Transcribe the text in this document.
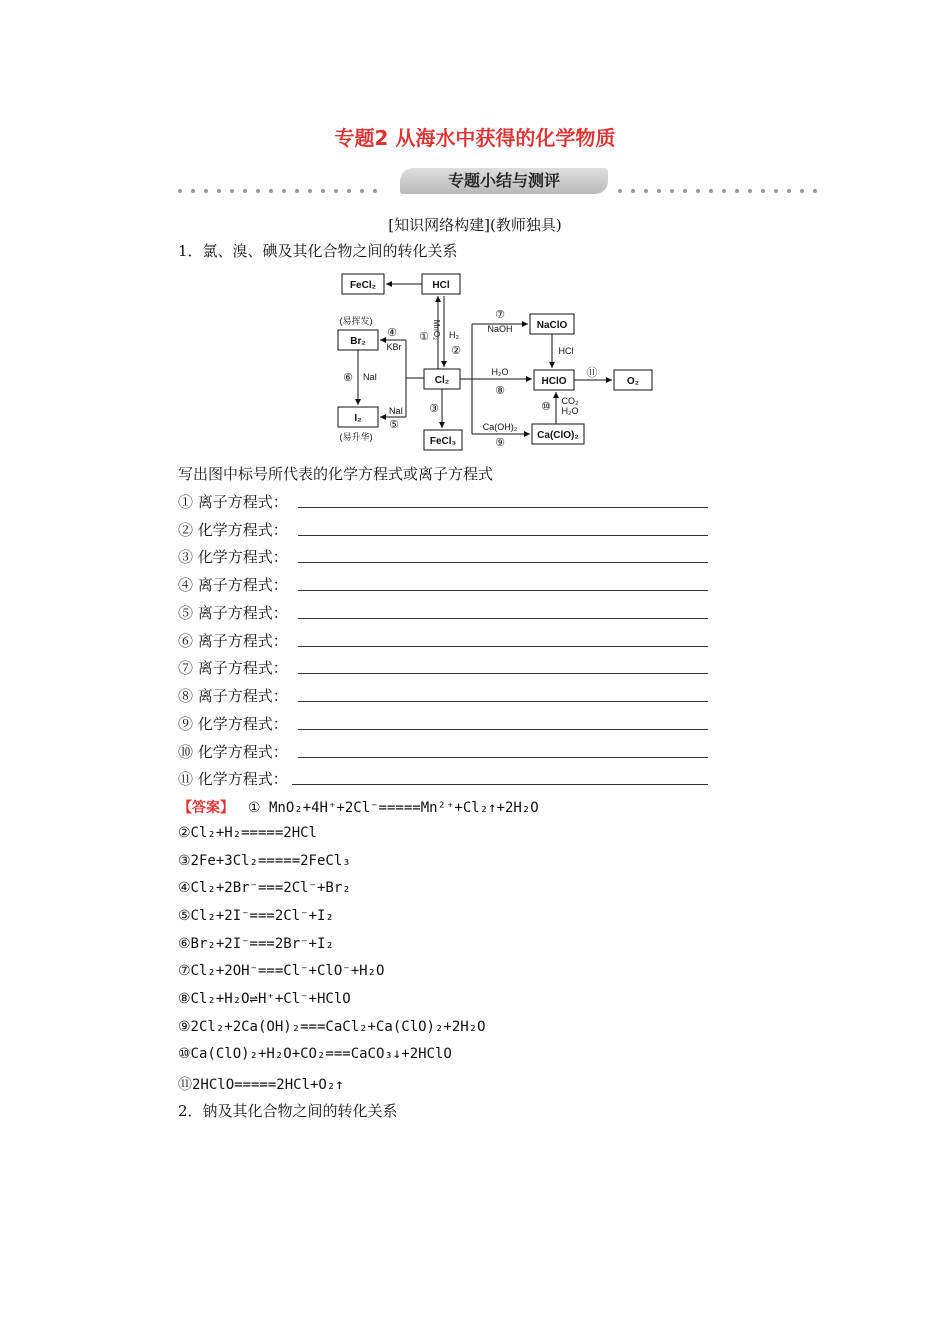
专题2 从海水中获得的化学物质
专题小结与测评
[知识网络构建](教师独具)
1．氯、溴、碘及其化合物之间的转化关系
FeCl₂	HCl
Br₂
Cl₂
I₂
FeCl₃
NaClO
HClO	O₂
Ca(ClO)₂
(易挥发)
(易升华)
①
②
③
④
⑤
⑥
⑦
⑧
⑨
⑩
⑪
MnO₂ H₂
KBr
NaI
NaI
NaOH
HCl
H₂O
Ca(OH)₂
CO₂
H₂O
写出图中标号所代表的化学方程式或离子方程式
① 离子方程式：
② 化学方程式：
③ 化学方程式：
④ 离子方程式：
⑤ 离子方程式：
⑥ 离子方程式：
⑦ 离子方程式：
⑧ 离子方程式：
⑨ 化学方程式：
⑩ 化学方程式：
⑪ 化学方程式：
【答案】 ① MnO₂+4H⁺+2Cl⁻=====Mn²⁺+Cl₂↑+2H₂O
②Cl₂+H₂=====2HCl
③2Fe+3Cl₂=====2FeCl₃
④Cl₂+2Br⁻===2Cl⁻+Br₂
⑤Cl₂+2I⁻===2Cl⁻+I₂
⑥Br₂+2I⁻===2Br⁻+I₂
⑦Cl₂+2OH⁻===Cl⁻+ClO⁻+H₂O
⑧Cl₂+H₂O⇌H⁺+Cl⁻+HClO
⑨2Cl₂+2Ca(OH)₂===CaCl₂+Ca(ClO)₂+2H₂O
⑩Ca(ClO)₂+H₂O+CO₂===CaCO₃↓+2HClO
⑪2HClO=====2HCl+O₂↑
2．钠及其化合物之间的转化关系
